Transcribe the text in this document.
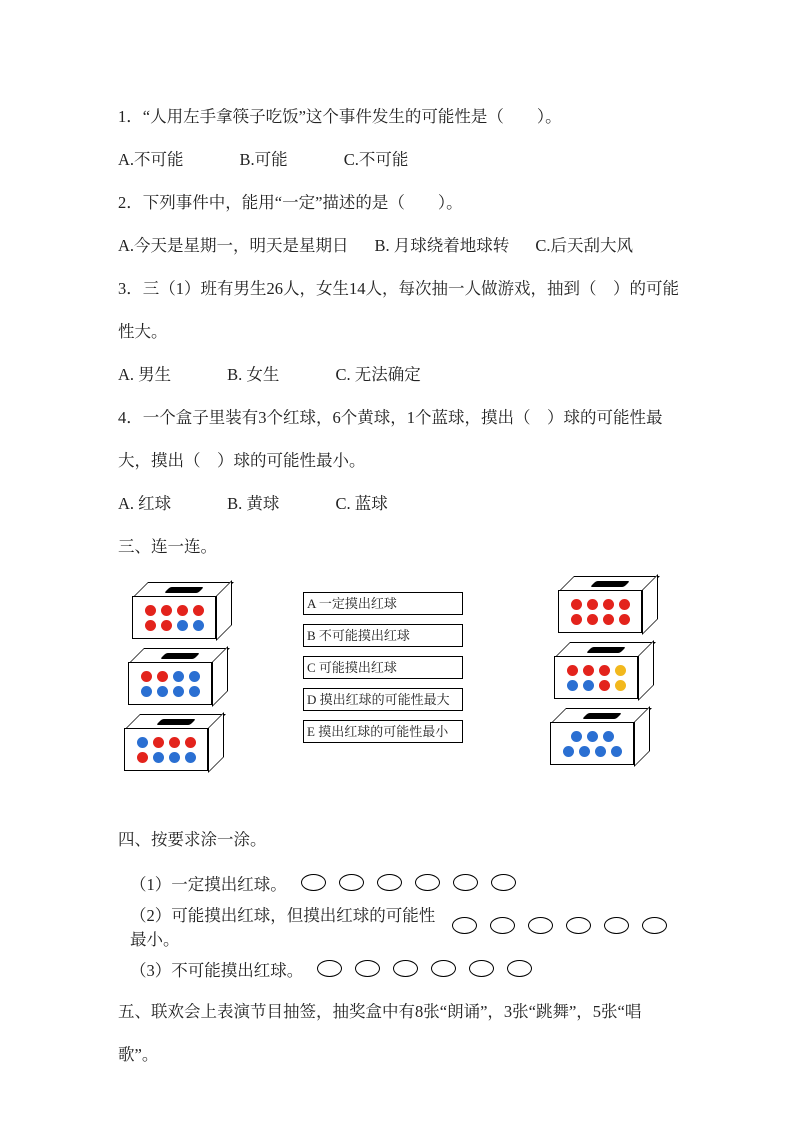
1．“人用左手拿筷子吃饭”这个事件发生的可能性是（　　）。

A.不可能	B.可能	C.不可能

2．下列事件中，能用“一定”描述的是（　　）。

A.今天是星期一，明天是星期日 B. 月球绕着地球转 C.后天刮大风

3．三（1）班有男生26人，女生14人，每次抽一人做游戏，抽到（　）的可能性大。

A. 男生	B. 女生	C. 无法确定

4．一个盒子里装有3个红球，6个黄球，1个蓝球，摸出（　）球的可能性最大，摸出（　）球的可能性最小。

A. 红球	B. 黄球	C. 蓝球

三、连一连。

A 一定摸出红球
B 不可能摸出红球
C 可能摸出红球
D 摸出红球的可能性最大
E 摸出红球的可能性最小

四、按要求涂一涂。

（1）一定摸出红球。
（2）可能摸出红球，但摸出红球的可能性最小。
（3）不可能摸出红球。

五、联欢会上表演节目抽签，抽奖盒中有8张“朗诵”，3张“跳舞”，5张“唱歌”。
